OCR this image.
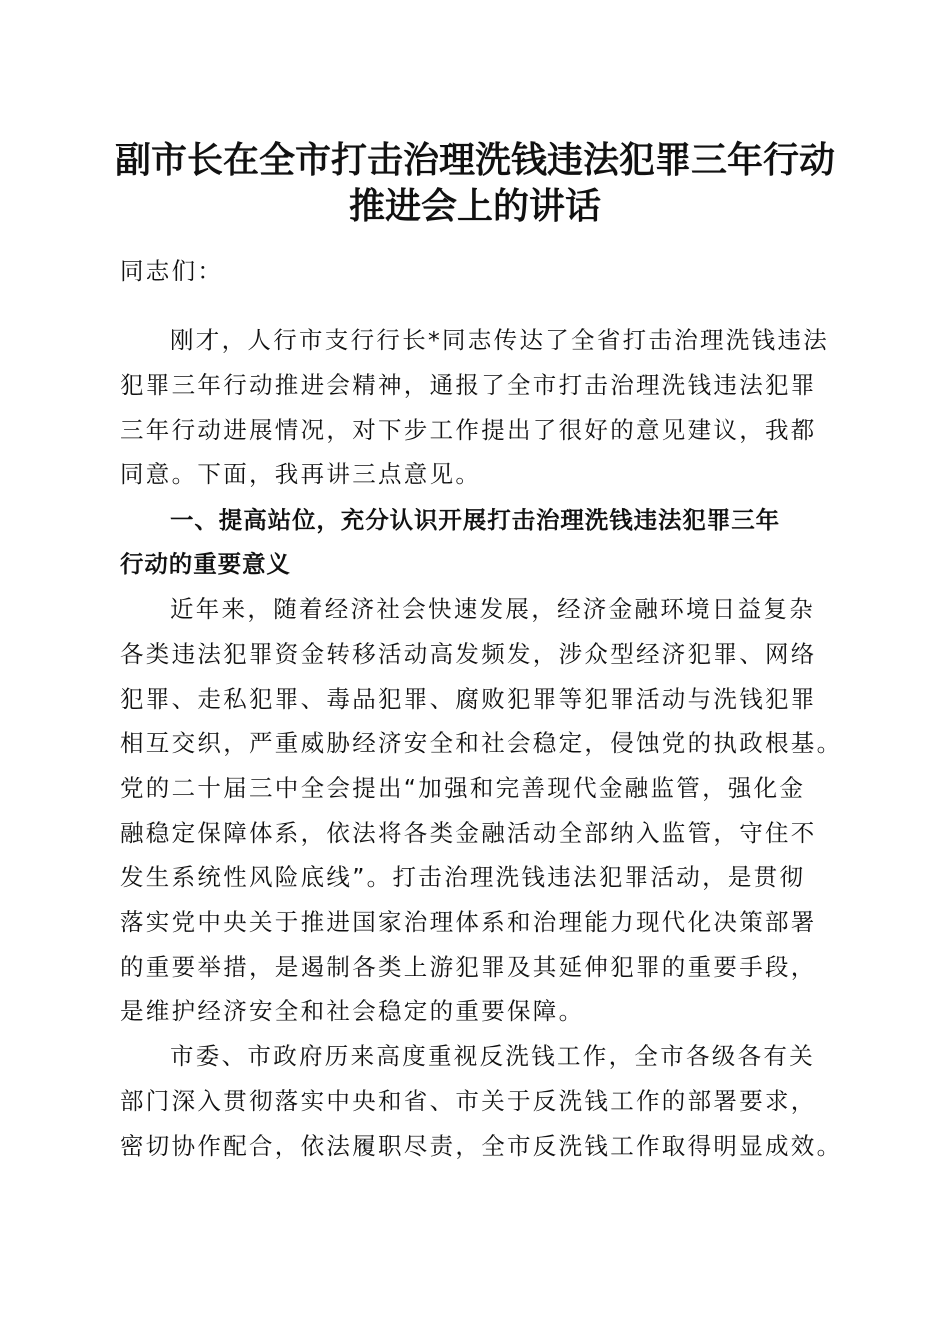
副市长在全市打击治理洗钱违法犯罪三年行动
推进会上的讲话

同志们：

刚才，人行市支行行长*同志传达了全省打击治理洗钱违法

犯罪三年行动推进会精神，通报了全市打击治理洗钱违法犯罪

三年行动进展情况，对下步工作提出了很好的意见建议，我都

同意。下面，我再讲三点意见。

一、提高站位，充分认识开展打击治理洗钱违法犯罪三年

行动的重要意义

近年来，随着经济社会快速发展，经济金融环境日益复杂

各类违法犯罪资金转移活动高发频发，涉众型经济犯罪、网络

犯罪、走私犯罪、毒品犯罪、腐败犯罪等犯罪活动与洗钱犯罪

相互交织，严重威胁经济安全和社会稳定，侵蚀党的执政根基。

党的二十届三中全会提出“加强和完善现代金融监管，强化金

融稳定保障体系，依法将各类金融活动全部纳入监管，守住不

发生系统性风险底线”。打击治理洗钱违法犯罪活动，是贯彻

落实党中央关于推进国家治理体系和治理能力现代化决策部署

的重要举措，是遏制各类上游犯罪及其延伸犯罪的重要手段，

是维护经济安全和社会稳定的重要保障。

市委、市政府历来高度重视反洗钱工作，全市各级各有关

部门深入贯彻落实中央和省、市关于反洗钱工作的部署要求，

密切协作配合，依法履职尽责，全市反洗钱工作取得明显成效。
